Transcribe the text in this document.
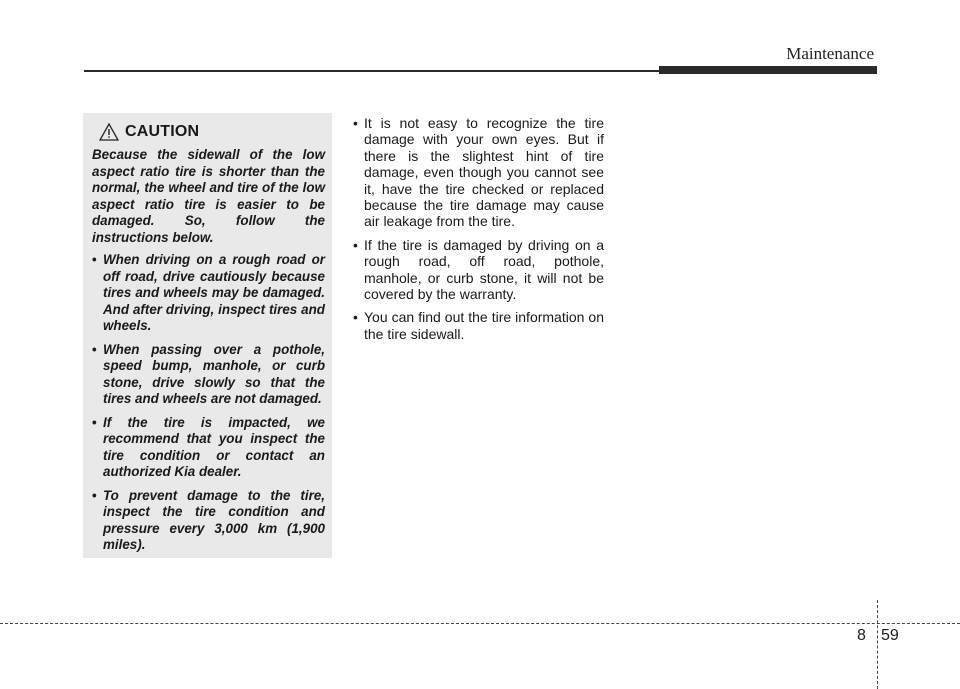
Maintenance
CAUTION

Because the sidewall of the low aspect ratio tire is shorter than the normal, the wheel and tire of the low aspect ratio tire is easier to be damaged. So, follow the instructions below.

• When driving on a rough road or off road, drive cautiously because tires and wheels may be damaged. And after driving, inspect tires and wheels.
• When passing over a pothole, speed bump, manhole, or curb stone, drive slowly so that the tires and wheels are not damaged.
• If the tire is impacted, we recommend that you inspect the tire condition or contact an authorized Kia dealer.
• To prevent damage to the tire, inspect the tire condition and pressure every 3,000 km (1,900 miles).
• It is not easy to recognize the tire damage with your own eyes. But if there is the slightest hint of tire damage, even though you cannot see it, have the tire checked or replaced because the tire damage may cause air leakage from the tire.
• If the tire is damaged by driving on a rough road, off road, pothole, manhole, or curb stone, it will not be covered by the warranty.
• You can find out the tire information on the tire sidewall.
8 59
